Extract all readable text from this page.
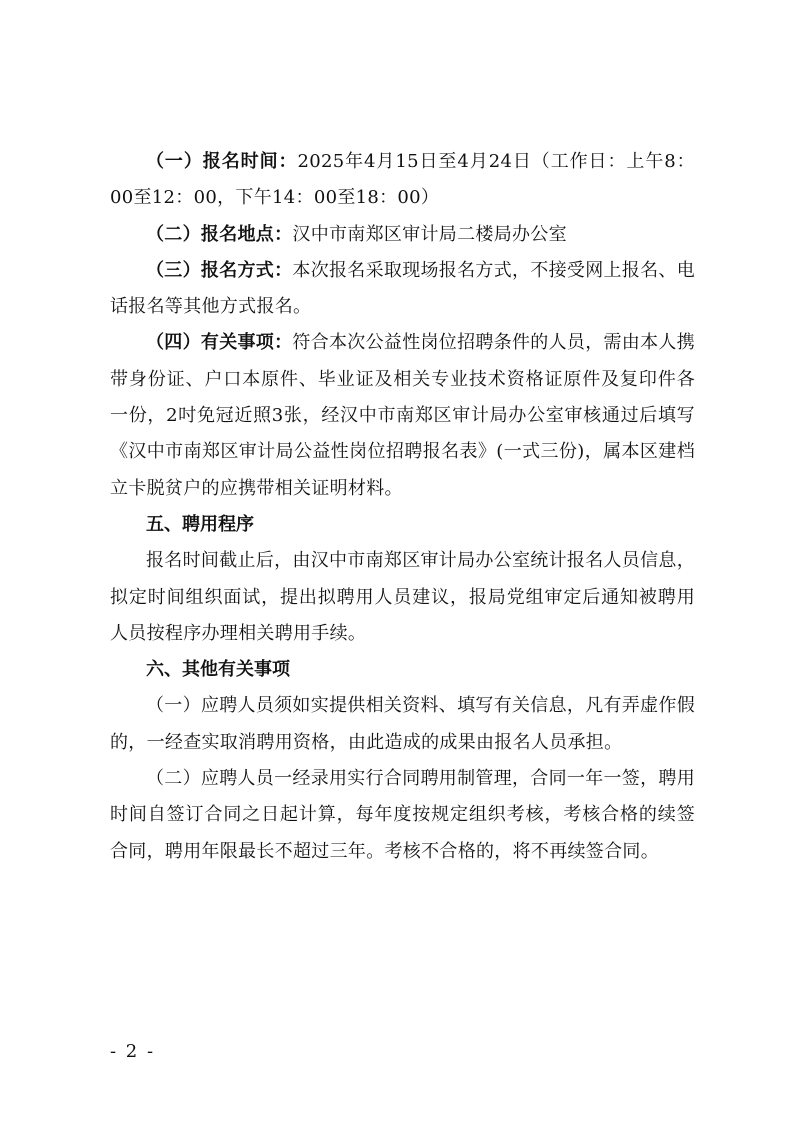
（一）报名时间：2025年4月15日至4月24日（工作日：上午8：00至12：00，下午14：00至18：00）

（二）报名地点：汉中市南郑区审计局二楼局办公室

（三）报名方式：本次报名采取现场报名方式，不接受网上报名、电话报名等其他方式报名。

（四）有关事项：符合本次公益性岗位招聘条件的人员，需由本人携带身份证、户口本原件、毕业证及相关专业技术资格证原件及复印件各一份，2吋免冠近照3张，经汉中市南郑区审计局办公室审核通过后填写《汉中市南郑区审计局公益性岗位招聘报名表》(一式三份)，属本区建档立卡脱贫户的应携带相关证明材料。

五、聘用程序

报名时间截止后，由汉中市南郑区审计局办公室统计报名人员信息，拟定时间组织面试，提出拟聘用人员建议，报局党组审定后通知被聘用人员按程序办理相关聘用手续。

六、其他有关事项

（一）应聘人员须如实提供相关资料、填写有关信息，凡有弄虚作假的，一经查实取消聘用资格，由此造成的成果由报名人员承担。

（二）应聘人员一经录用实行合同聘用制管理，合同一年一签，聘用时间自签订合同之日起计算，每年度按规定组织考核，考核合格的续签合同，聘用年限最长不超过三年。考核不合格的，将不再续签合同。

- 2 -
